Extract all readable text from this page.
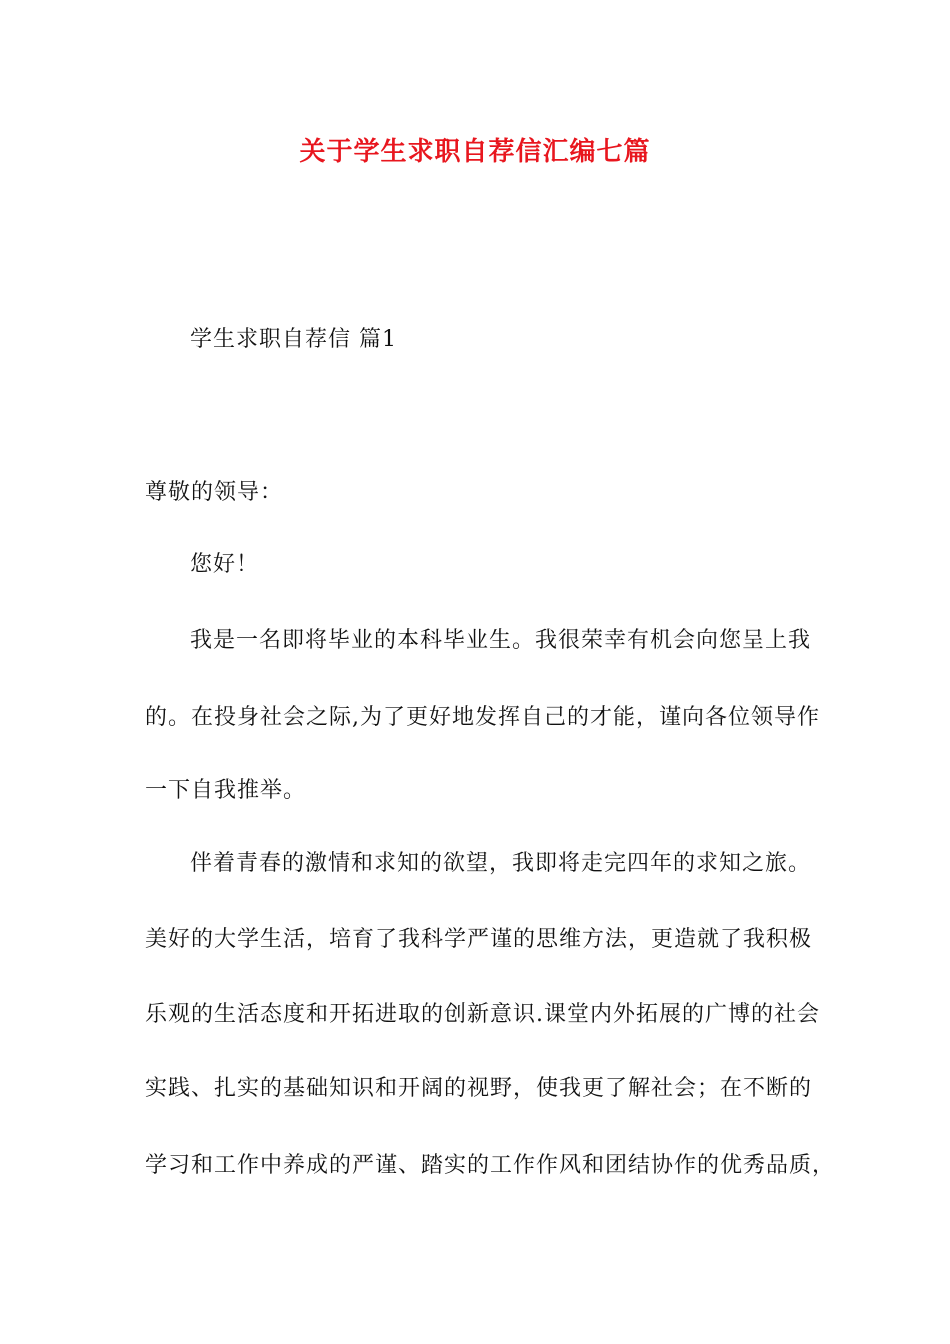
关于学生求职自荐信汇编七篇
学生求职自荐信 篇1
尊敬的领导：
您好！
我是一名即将毕业的本科毕业生。我很荣幸有机会向您呈上我
的。在投身社会之际,为了更好地发挥自己的才能，谨向各位领导作
一下自我推举。
伴着青春的激情和求知的欲望，我即将走完四年的求知之旅。
美好的大学生活，培育了我科学严谨的思维方法，更造就了我积极
乐观的生活态度和开拓进取的创新意识.课堂内外拓展的广博的社会
实践、扎实的基础知识和开阔的视野，使我更了解社会；在不断的
学习和工作中养成的严谨、踏实的工作作风和团结协作的优秀品质，
